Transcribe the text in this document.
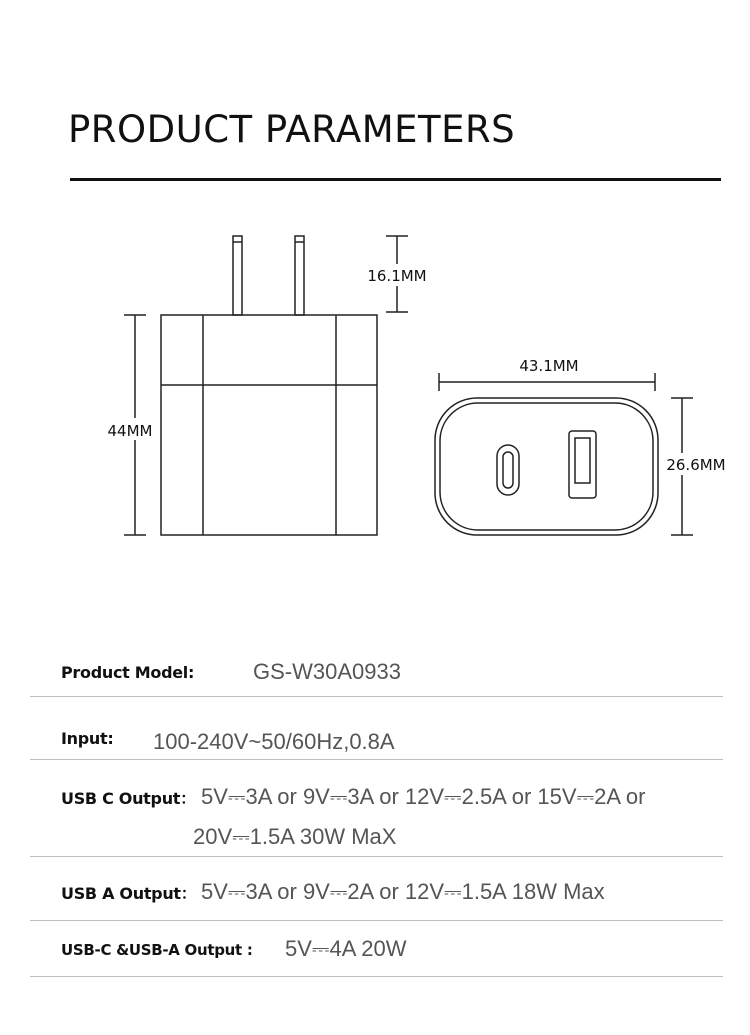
PRODUCT PARAMETERS
44MM
16.1MM
43.1MM
26.6MM
Product Model:	GS-W30A0933
Input: 100-240V~50/60Hz,0.8A
USB C Output： 5V⎓3A or 9V⎓3A or 12V⎓2.5A or 15V⎓2A or 20V⎓1.5A 30W MaX
USB A Output： 5V⎓3A or 9V⎓2A or 12V⎓1.5A 18W Max
USB-C &USB-A Output : 5V⎓4A 20W
